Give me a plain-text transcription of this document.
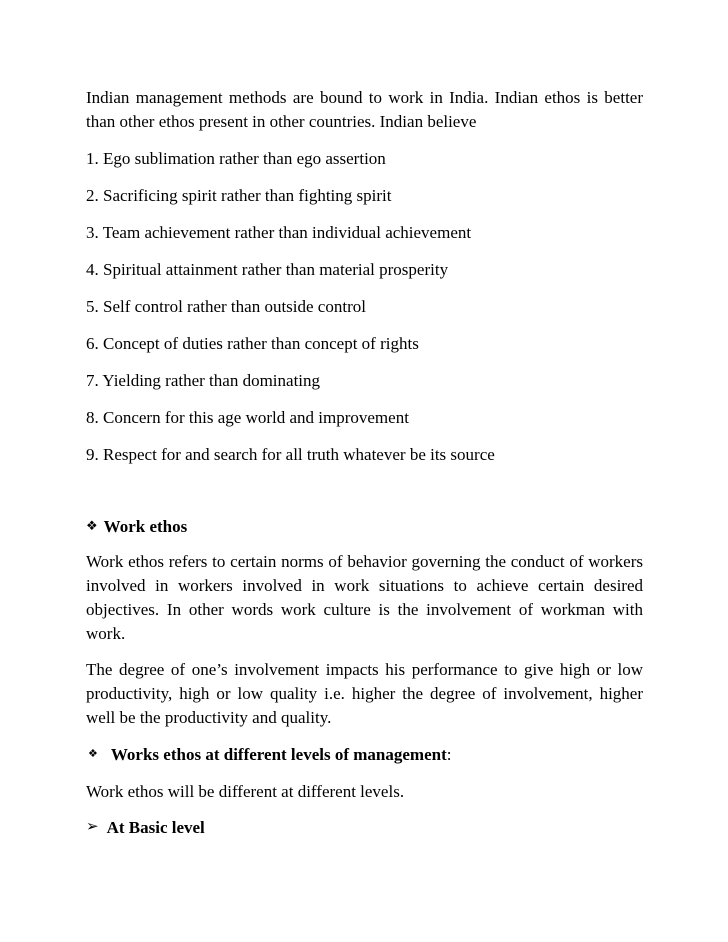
Indian management methods are bound to work in India. Indian ethos is better than other ethos present in other countries. Indian believe

1. Ego sublimation rather than ego assertion

2. Sacrificing spirit rather than fighting spirit

3. Team achievement rather than individual achievement

4. Spiritual attainment rather than material prosperity

5. Self control rather than outside control

6. Concept of duties rather than concept of rights

7. Yielding rather than dominating

8. Concern for this age world and improvement

9. Respect for and search for all truth whatever be its source

❖ Work ethos

Work ethos refers to certain norms of behavior governing the conduct of workers involved in workers involved in work situations to achieve certain desired objectives. In other words work culture is the involvement of workman with work.

The degree of one’s involvement impacts his performance to give high or low productivity, high or low quality i.e. higher the degree of involvement, higher well be the productivity and quality.

❖ Works ethos at different levels of management :

Work ethos will be different at different levels.

➢ At Basic level
